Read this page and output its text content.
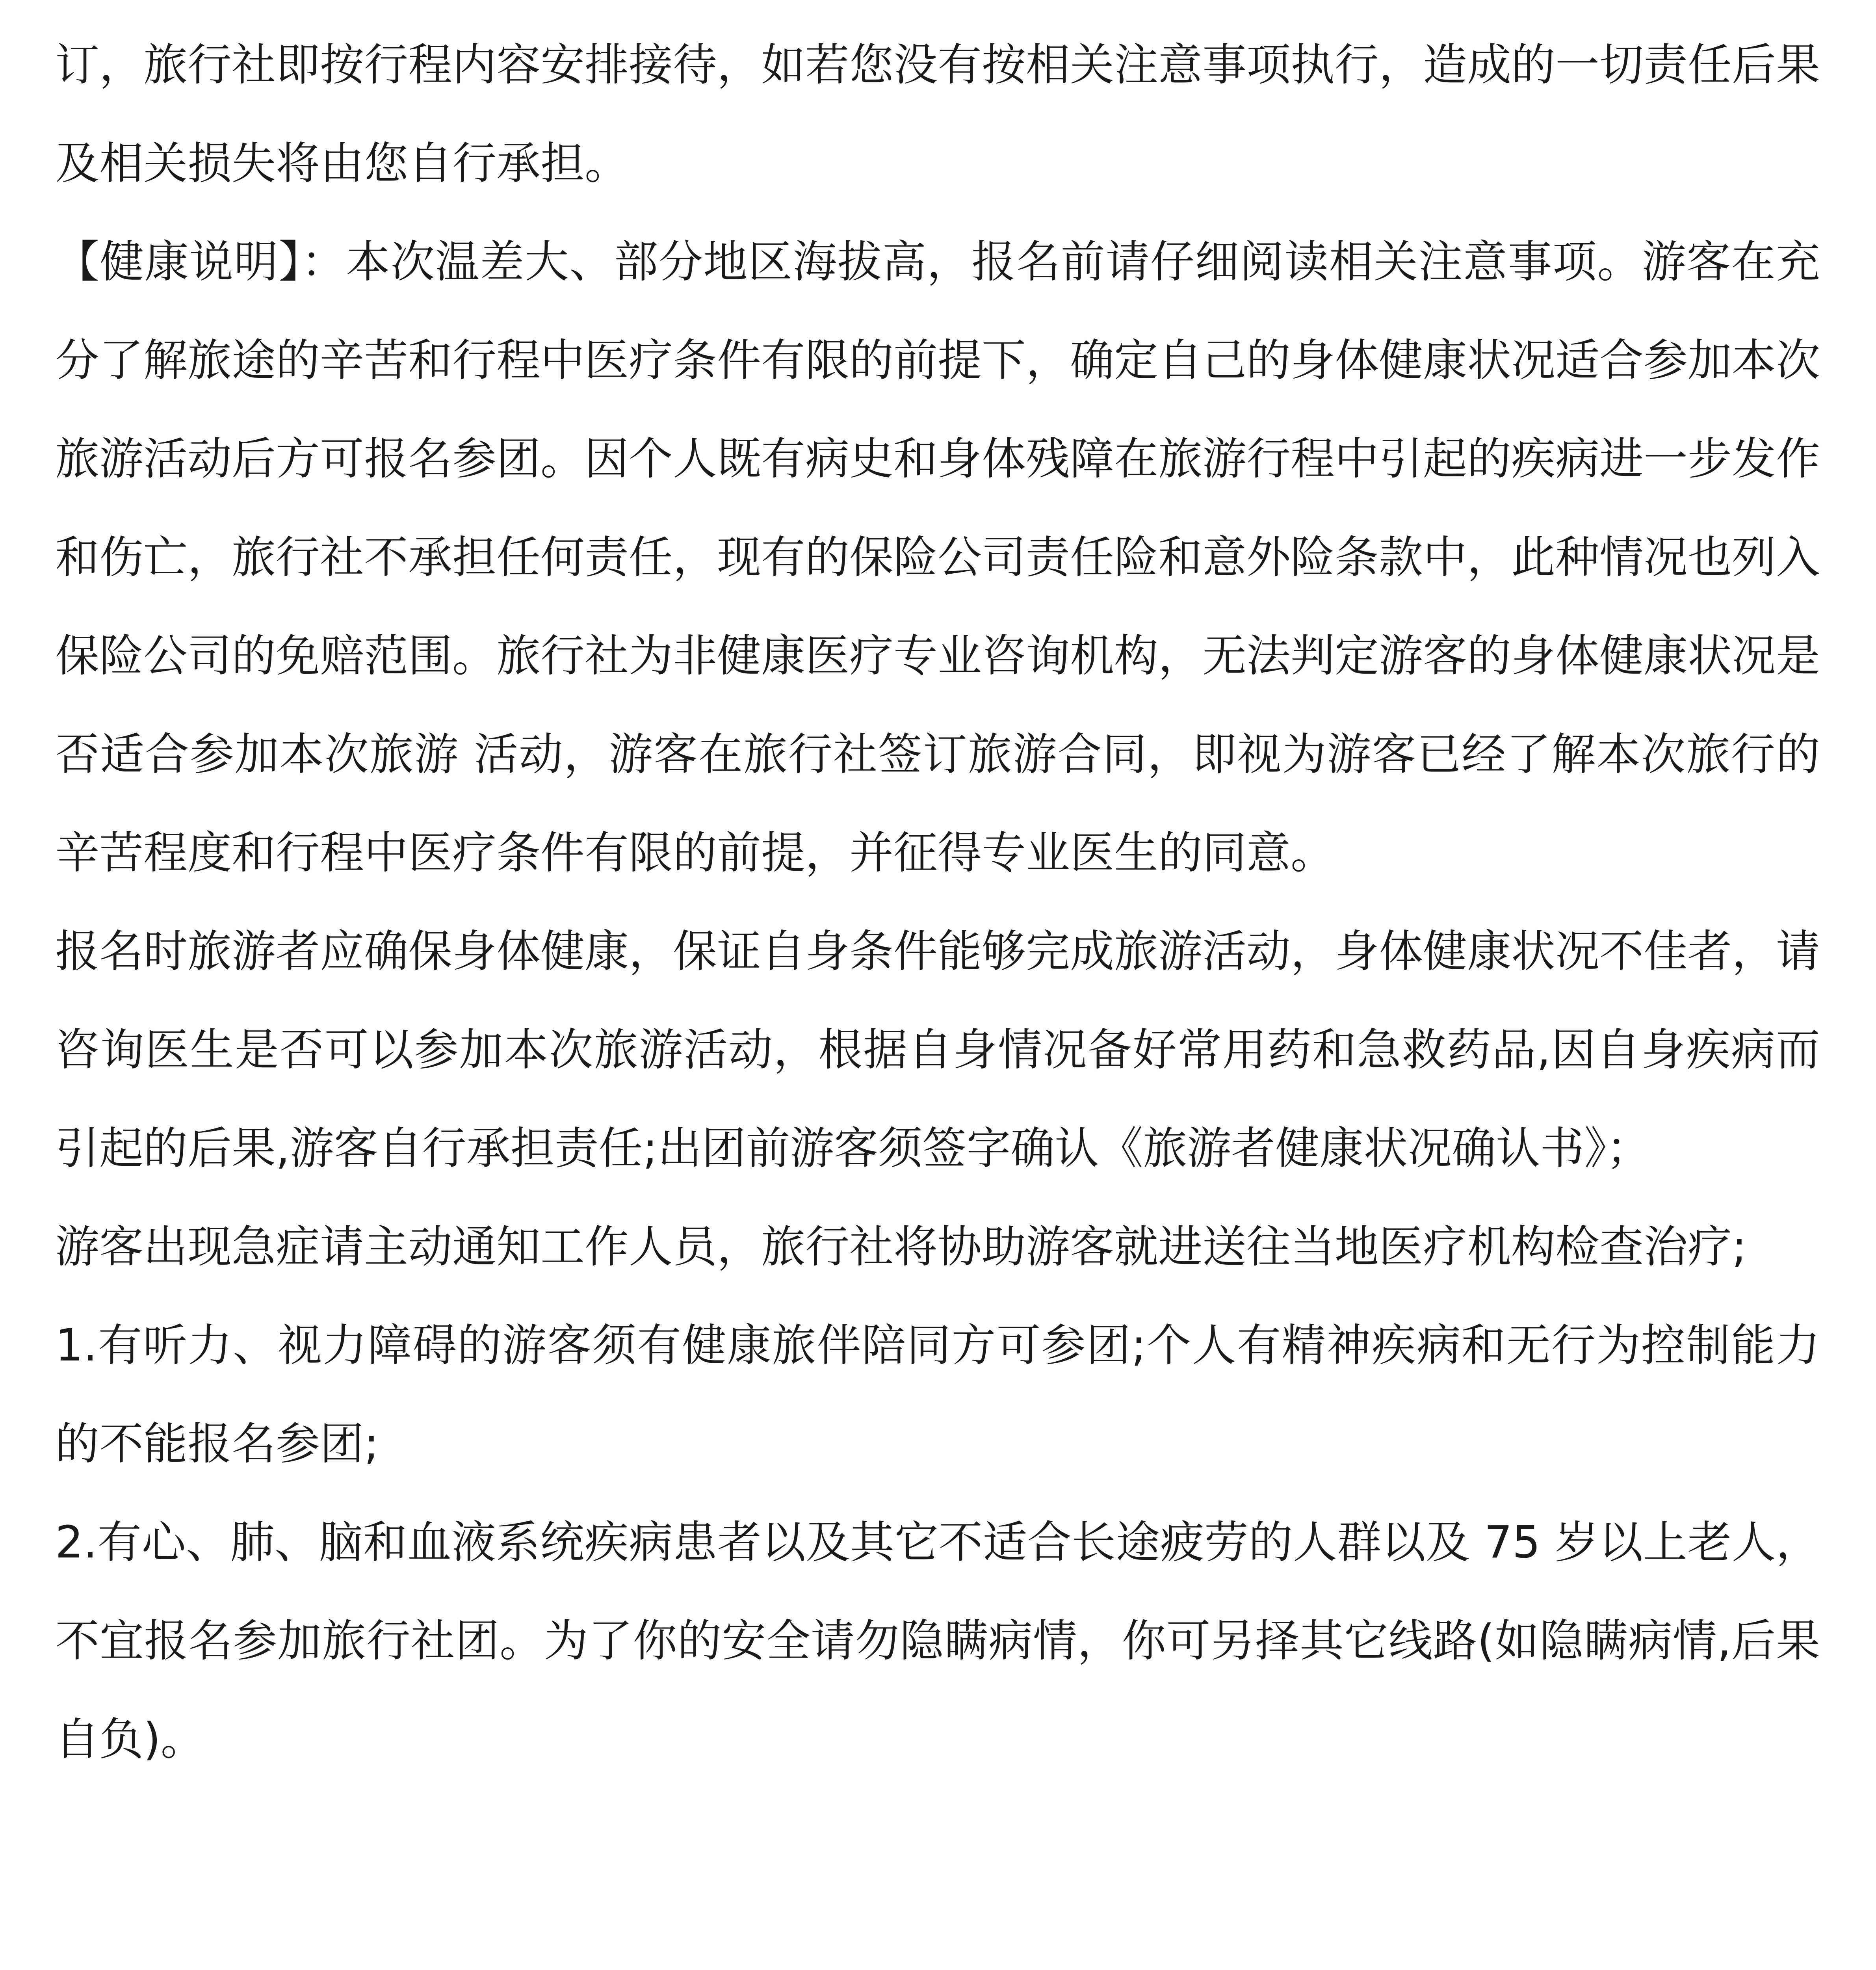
订，旅行社即按行程内容安排接待，如若您没有按相关注意事项执行，造成的一切责任后果及相关损失将由您自行承担。

【健康说明】：本次温差大、部分地区海拔高，报名前请仔细阅读相关注意事项。游客在充分了解旅途的辛苦和行程中医疗条件有限的前提下，确定自己的身体健康状况适合参加本次旅游活动后方可报名参团。因个人既有病史和身体残障在旅游行程中引起的疾病进一步发作和伤亡，旅行社不承担任何责任，现有的保险公司责任险和意外险条款中，此种情况也列入保险公司的免赔范围。旅行社为非健康医疗专业咨询机构，无法判定游客的身体健康状况是否适合参加本次旅游 活动，游客在旅行社签订旅游合同，即视为游客已经了解本次旅行的辛苦程度和行程中医疗条件有限的前提，并征得专业医生的同意。

报名时旅游者应确保身体健康，保证自身条件能够完成旅游活动，身体健康状况不佳者，请咨询医生是否可以参加本次旅游活动，根据自身情况备好常用药和急救药品,因自身疾病而引起的后果,游客自行承担责任;出团前游客须签字确认《旅游者健康状况确认书》；

游客出现急症请主动通知工作人员，旅行社将协助游客就进送往当地医疗机构检查治疗;

1.有听力、视力障碍的游客须有健康旅伴陪同方可参团;个人有精神疾病和无行为控制能力的不能报名参团;

2.有心、肺、脑和血液系统疾病患者以及其它不适合长途疲劳的人群以及 75 岁以上老人，不宜报名参加旅行社团。为了你的安全请勿隐瞒病情，你可另择其它线路(如隐瞒病情,后果自负)。
